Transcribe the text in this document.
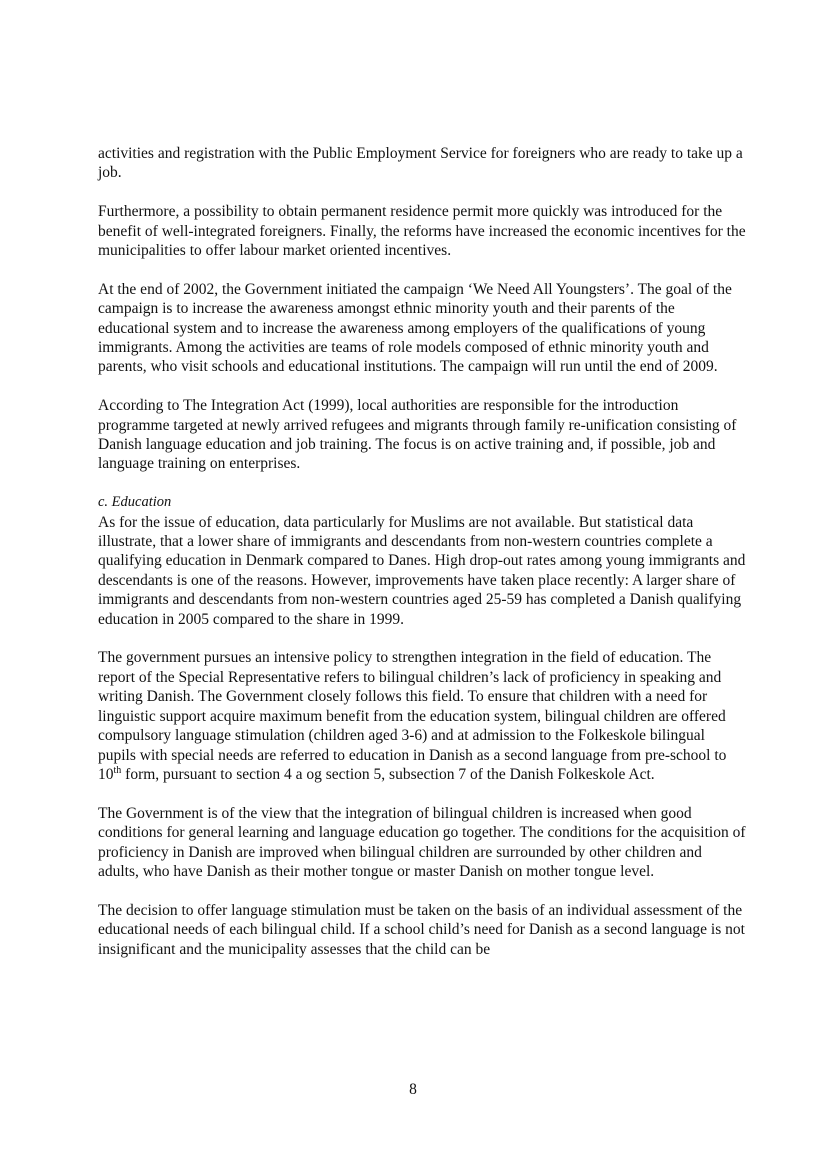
activities and registration with the Public Employment Service for foreigners who are ready to take up a job.

Furthermore, a possibility to obtain permanent residence permit more quickly was introduced for the benefit of well-integrated foreigners. Finally, the reforms have increased the economic incentives for the municipalities to offer labour market oriented incentives.

At the end of 2002, the Government initiated the campaign ‘We Need All Youngsters’. The goal of the campaign is to increase the awareness amongst ethnic minority youth and their parents of the educational system and to increase the awareness among employers of the qualifications of young immigrants. Among the activities are teams of role models composed of ethnic minority youth and parents, who visit schools and educational institutions. The campaign will run until the end of 2009.

According to The Integration Act (1999), local authorities are responsible for the introduction programme targeted at newly arrived refugees and migrants through family re-unification consisting of Danish language education and job training. The focus is on active training and, if possible, job and language training on enterprises.

c. Education

As for the issue of education, data particularly for Muslims are not available. But statistical data illustrate, that a lower share of immigrants and descendants from non-western countries complete a qualifying education in Denmark compared to Danes. High drop-out rates among young immigrants and descendants is one of the reasons. However, improvements have taken place recently: A larger share of immigrants and descendants from non-western countries aged 25-59 has completed a Danish qualifying education in 2005 compared to the share in 1999.

The government pursues an intensive policy to strengthen integration in the field of education. The report of the Special Representative refers to bilingual children’s lack of proficiency in speaking and writing Danish. The Government closely follows this field. To ensure that children with a need for linguistic support acquire maximum benefit from the education system, bilingual children are offered compulsory language stimulation (children aged 3-6) and at admission to the Folkeskole bilingual pupils with special needs are referred to education in Danish as a second language from pre-school to 10th form, pursuant to section 4 a og section 5, subsection 7 of the Danish Folkeskole Act.

The Government is of the view that the integration of bilingual children is increased when good conditions for general learning and language education go together. The conditions for the acquisition of proficiency in Danish are improved when bilingual children are surrounded by other children and adults, who have Danish as their mother tongue or master Danish on mother tongue level.

The decision to offer language stimulation must be taken on the basis of an individual assessment of the educational needs of each bilingual child. If a school child’s need for Danish as a second language is not insignificant and the municipality assesses that the child can be

8
